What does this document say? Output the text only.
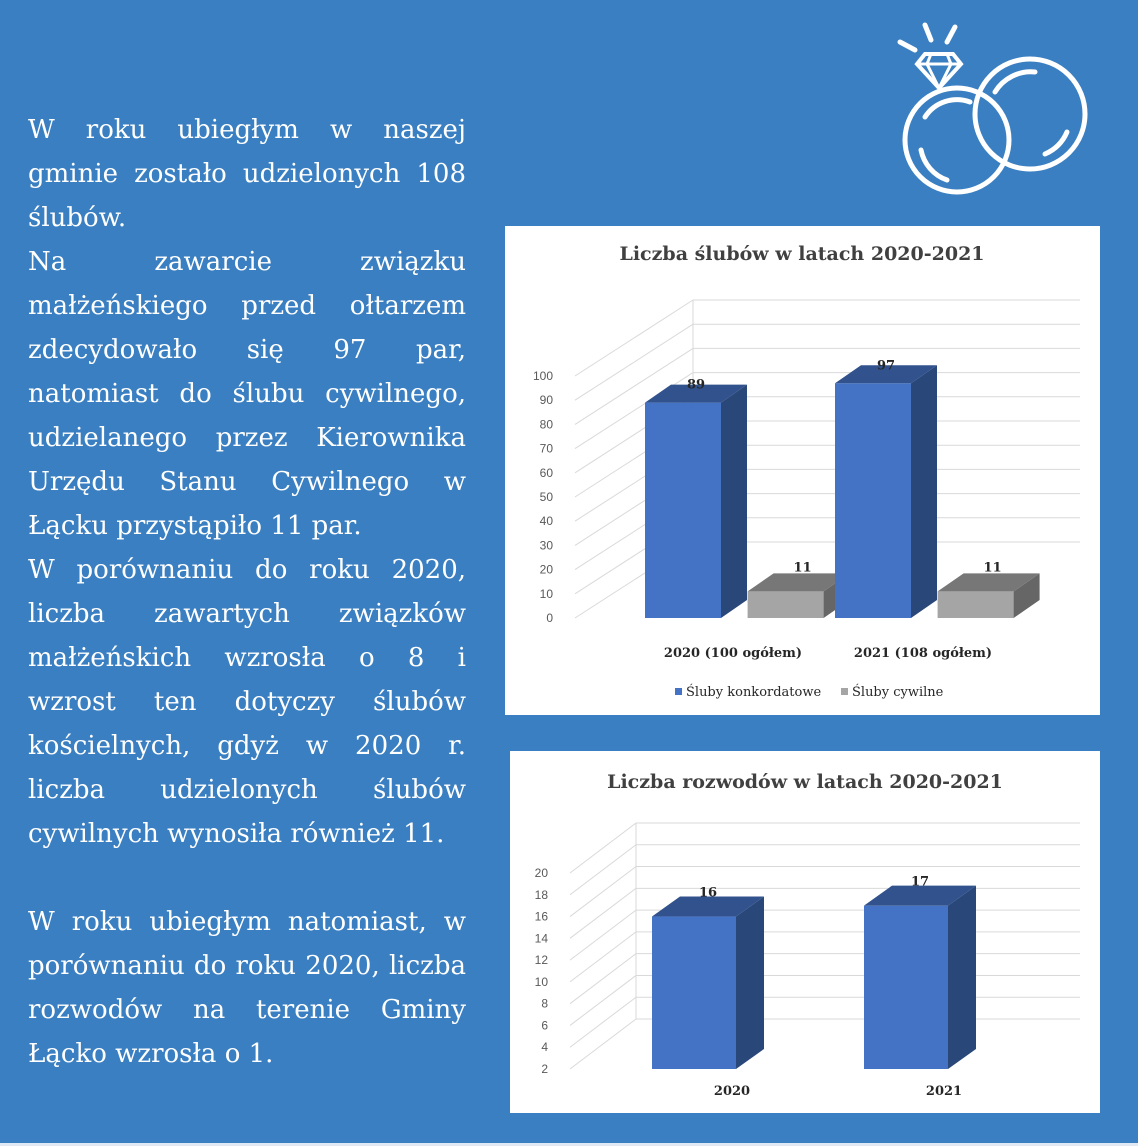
W roku ubiegłym w naszej

gminie zostało udzielonych 108

ślubów.

Na zawarcie związku

małżeńskiego przed ołtarzem

zdecydowało się 97 par,

natomiast do ślubu cywilnego,

udzielanego przez Kierownika

Urzędu Stanu Cywilnego w

Łącku przystąpiło 11 par.

W porównaniu do roku 2020,

liczba zawartych związków

małżeńskich wzrosła o 8 i

wzrost ten dotyczy ślubów

kościelnych, gdyż w 2020 r.

liczba udzielonych ślubów

cywilnych wynosiła również 11.

W roku ubiegłym natomiast, w

porównaniu do roku 2020, liczba

rozwodów na terenie Gminy

Łącko wzrosła o 1.

Liczba ślubów w latach 2020-2021
0
10
20
30
40
50
60
70
80
90
100
89
11
2020 (100 ogółem)
97
11
2021 (108 ogółem)
Śluby konkordatowe Śluby cywilne
Liczba rozwodów w latach 2020-2021
2
4
6
8
10
12
14
16
18
20
16
2020
17
2021
